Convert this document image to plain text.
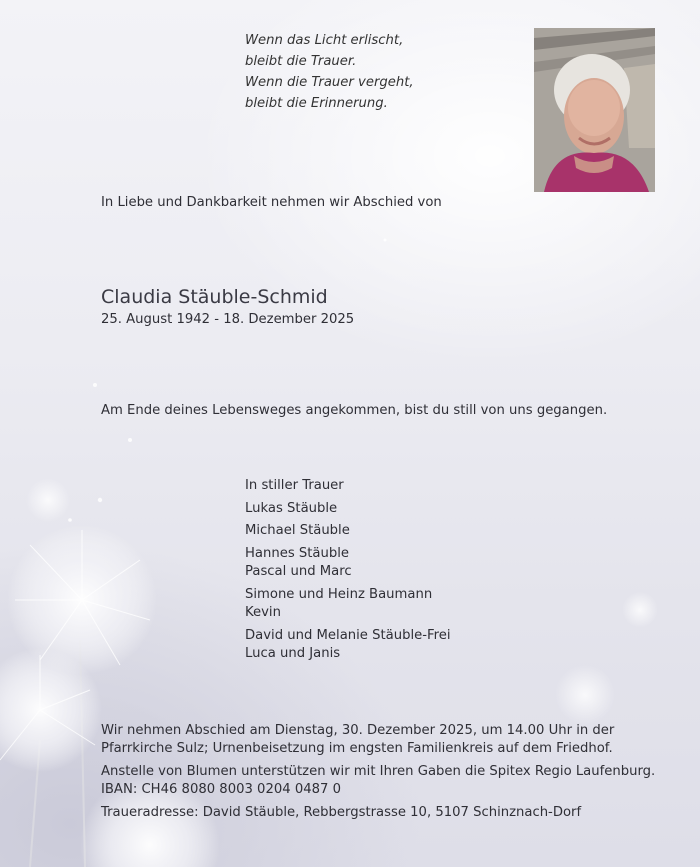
Wenn das Licht erlischt,
bleibt die Trauer.
Wenn die Trauer vergeht,
bleibt die Erinnerung.
In Liebe und Dankbarkeit nehmen wir Abschied von
Claudia Stäuble-Schmid
25. August 1942 - 18. Dezember 2025
Am Ende deines Lebensweges angekommen, bist du still von uns gegangen.
In stiller Trauer
Lukas Stäuble
Michael Stäuble
Hannes Stäuble
Pascal und Marc
Simone und Heinz Baumann
Kevin
David und Melanie Stäuble-Frei
Luca und Janis

Wir nehmen Abschied am Dienstag, 30. Dezember 2025, um 14.00 Uhr in der Pfarrkirche Sulz; Urnenbeisetzung im engsten Familienkreis auf dem Friedhof.

Anstelle von Blumen unterstützen wir mit Ihren Gaben die Spitex Regio Laufenburg. IBAN: CH46 8080 8003 0204 0487 0

Traueradresse: David Stäuble, Rebbergstrasse 10, 5107 Schinznach-Dorf
